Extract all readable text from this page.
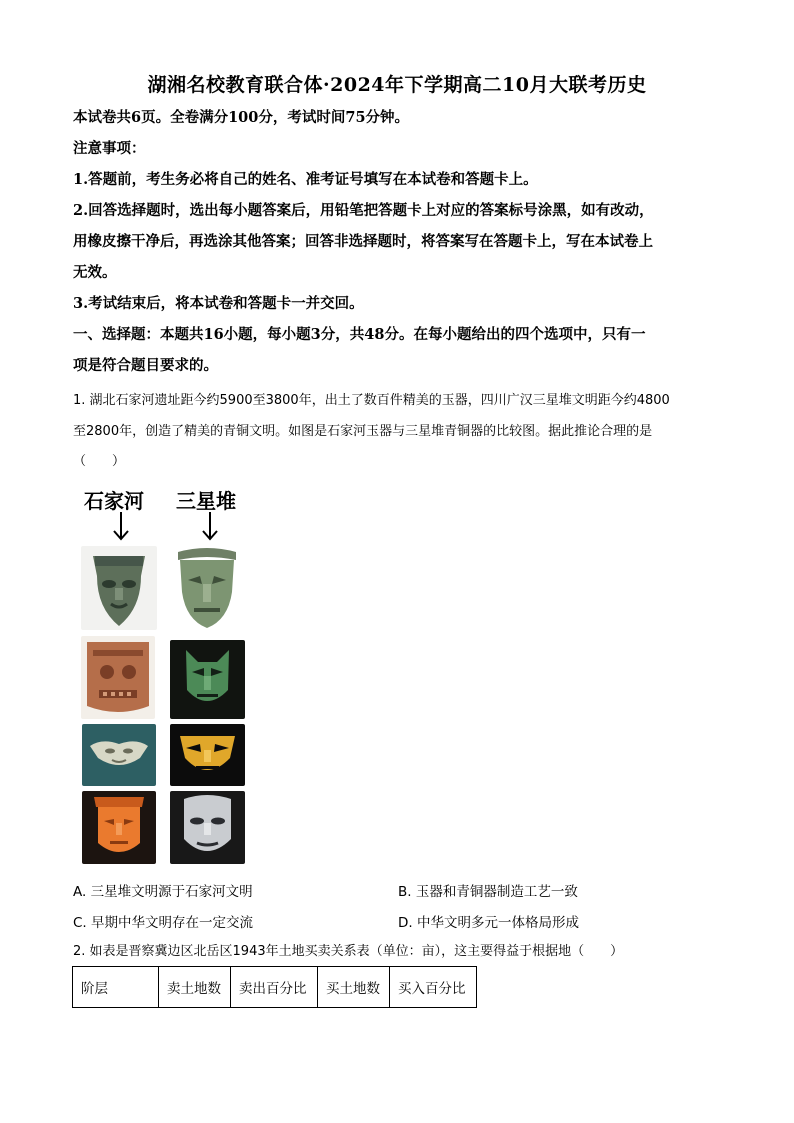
湖湘名校教育联合体·2024年下学期高二10月大联考历史
本试卷共6页。全卷满分100分，考试时间75分钟。
注意事项：
1.答题前，考生务必将自己的姓名、准考证号填写在本试卷和答题卡上。
2.回答选择题时，选出每小题答案后，用铅笔把答题卡上对应的答案标号涂黑，如有改动，
用橡皮擦干净后，再选涂其他答案；回答非选择题时，将答案写在答题卡上，写在本试卷上
无效。
3.考试结束后，将本试卷和答题卡一并交回。
一、选择题：本题共16小题，每小题3分，共48分。在每小题给出的四个选项中，只有一
项是符合题目要求的。
1. 湖北石家河遗址距今约5900至3800年，出土了数百件精美的玉器，四川广汉三星堆文明距今约4800
至2800年，创造了精美的青铜文明。如图是石家河玉器与三星堆青铜器的比较图。据此推论合理的是
（　　）
石家河 三星堆
A. 三星堆文明源于石家河文明	B. 玉器和青铜器制造工艺一致
C. 早期中华文明存在一定交流	D. 中华文明多元一体格局形成
2. 如表是晋察冀边区北岳区1943年土地买卖关系表（单位：亩），这主要得益于根据地（　　）
阶层	卖土地数	卖出百分比	买土地数	买入百分比
